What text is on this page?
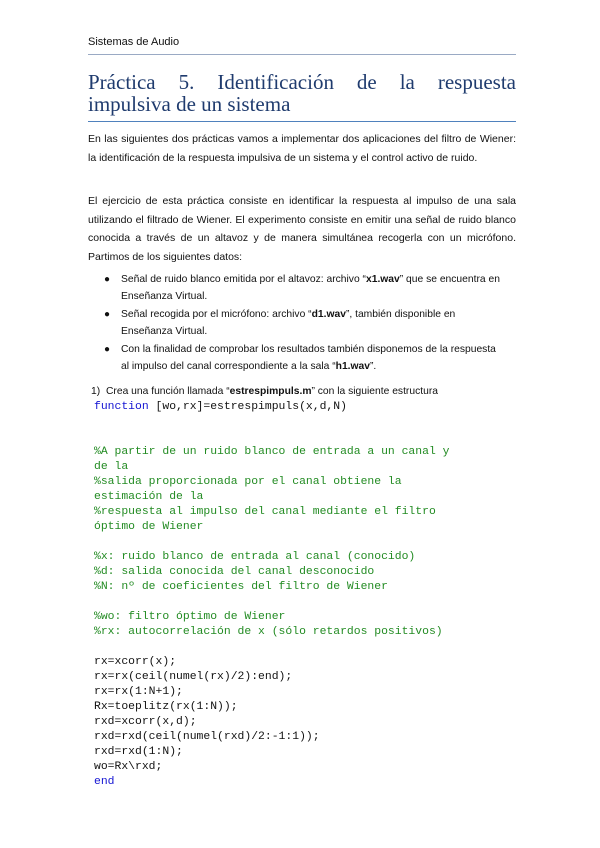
Sistemas de Audio
Práctica 5. Identificación de la respuesta
impulsiva de un sistema

En las siguientes dos prácticas vamos a implementar dos aplicaciones del filtro de Wiener: la identificación de la respuesta impulsiva de un sistema y el control activo de ruido.

El ejercicio de esta práctica consiste en identificar la respuesta al impulso de una sala utilizando el filtrado de Wiener. El experimento consiste en emitir una señal de ruido blanco conocida a través de un altavoz y de manera simultánea recogerla con un micrófono. Partimos de los siguientes datos:

● Señal de ruido blanco emitida por el altavoz: archivo “x1.wav” que se encuentra en Enseñanza Virtual.
● Señal recogida por el micrófono: archivo “d1.wav”, también disponible en Enseñanza Virtual.
● Con la finalidad de comprobar los resultados también disponemos de la respuesta al impulso del canal correspondiente a la sala “h1.wav”.
1) Crea una función llamada “estrespimpuls.m” con la siguiente estructura
function [wo,rx]=estrespimpuls(x,d,N)

%A partir de un ruido blanco de entrada a un canal y
de la
%salida proporcionada por el canal obtiene la
estimación de la
%respuesta al impulso del canal mediante el filtro
óptimo de Wiener

%x: ruido blanco de entrada al canal (conocido)
%d: salida conocida del canal desconocido
%N: nº de coeficientes del filtro de Wiener

%wo: filtro óptimo de Wiener
%rx: autocorrelación de x (sólo retardos positivos)

rx=xcorr(x);
rx=rx(ceil(numel(rx)/2):end);
rx=rx(1:N+1);
Rx=toeplitz(rx(1:N));
rxd=xcorr(x,d);
rxd=rxd(ceil(numel(rxd)/2:-1:1));
rxd=rxd(1:N);
wo=Rx\rxd;
end
